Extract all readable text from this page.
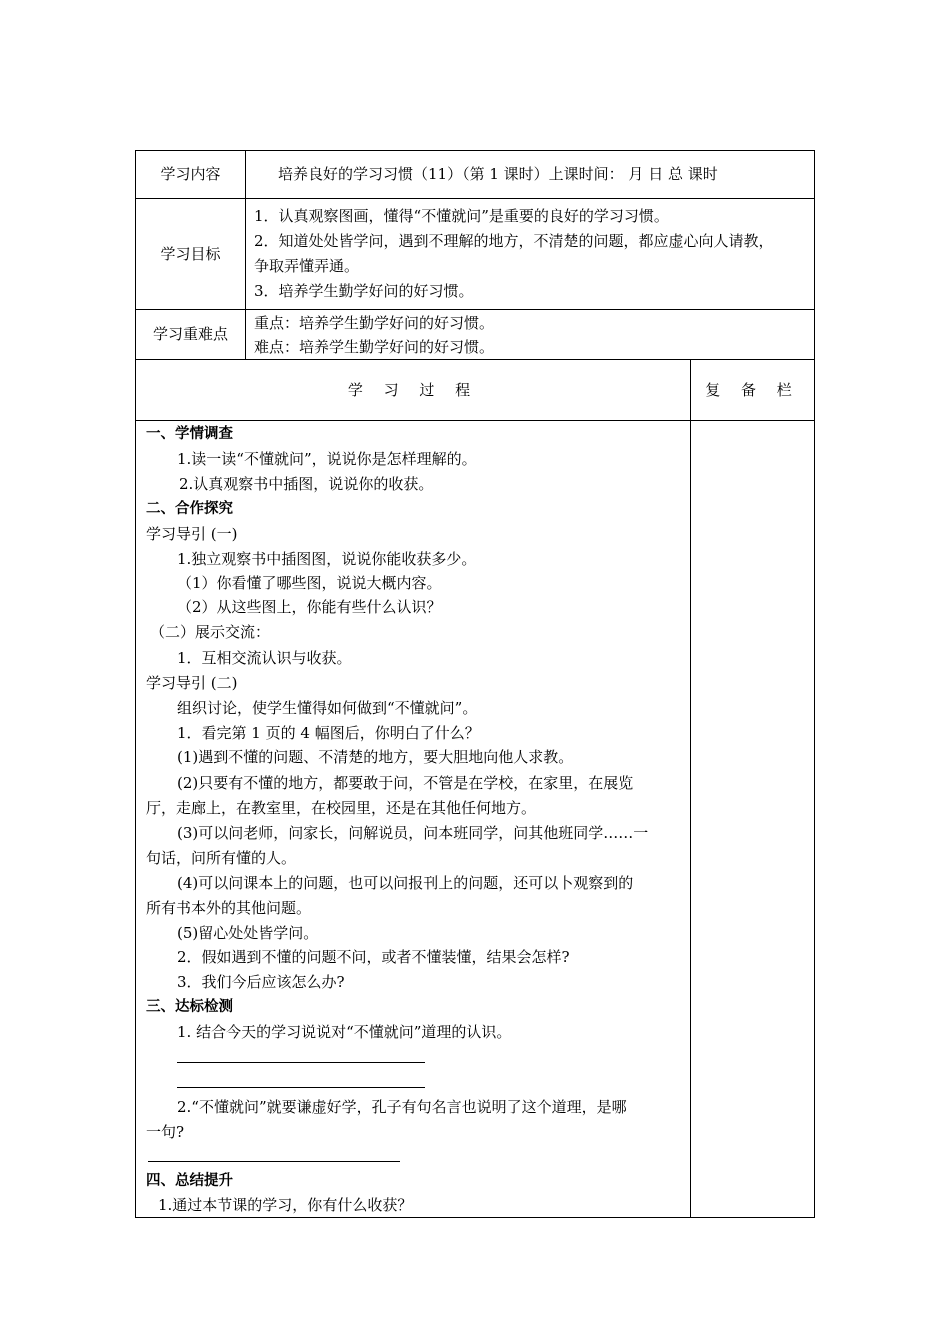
学习内容	培养良好的学习习惯（11）（第 1 课时）上课时间： 月 日 总 课时
学习目标
1．认真观察图画，懂得“不懂就问”是重要的良好的学习习惯。
2．知道处处皆学问，遇到不理解的地方，不清楚的问题，都应虚心向人请教，
争取弄懂弄通。
3．培养学生勤学好问的好习惯。
学习重难点
重点：培养学生勤学好问的好习惯。
难点：培养学生勤学好问的好习惯。
学 习 过 程	复 备 栏
一、学情调查
1.读一读“不懂就问”，说说你是怎样理解的。
2.认真观察书中插图，说说你的收获。
二、合作探究
学习导引 (一)
1.独立观察书中插图图，说说你能收获多少。
（1）你看懂了哪些图，说说大概内容。
（2）从这些图上，你能有些什么认识？
（二）展示交流：
1．互相交流认识与收获。
学习导引 (二)
组织讨论，使学生懂得如何做到“不懂就问”。
1．看完第 1 页的 4 幅图后，你明白了什么？
(1)遇到不懂的问题、不清楚的地方，要大胆地向他人求教。
(2)只要有不懂的地方，都要敢于问，不管是在学校，在家里，在展览
厅，走廊上，在教室里，在校园里，还是在其他任何地方。
(3)可以问老师，问家长，问解说员，问本班同学，问其他班同学……一
句话，问所有懂的人。
(4)可以问课本上的问题，也可以问报刊上的问题，还可以卜观察到的
所有书本外的其他问题。
(5)留心处处皆学问。
2．假如遇到不懂的问题不问，或者不懂装懂，结果会怎样?
3．我们今后应该怎么办?
三、达标检测
1. 结合今天的学习说说对“不懂就问”道理的认识。
2.“不懂就问”就要谦虚好学，孔子有句名言也说明了这个道理，是哪
一句?
四、总结提升
1.通过本节课的学习，你有什么收获？
